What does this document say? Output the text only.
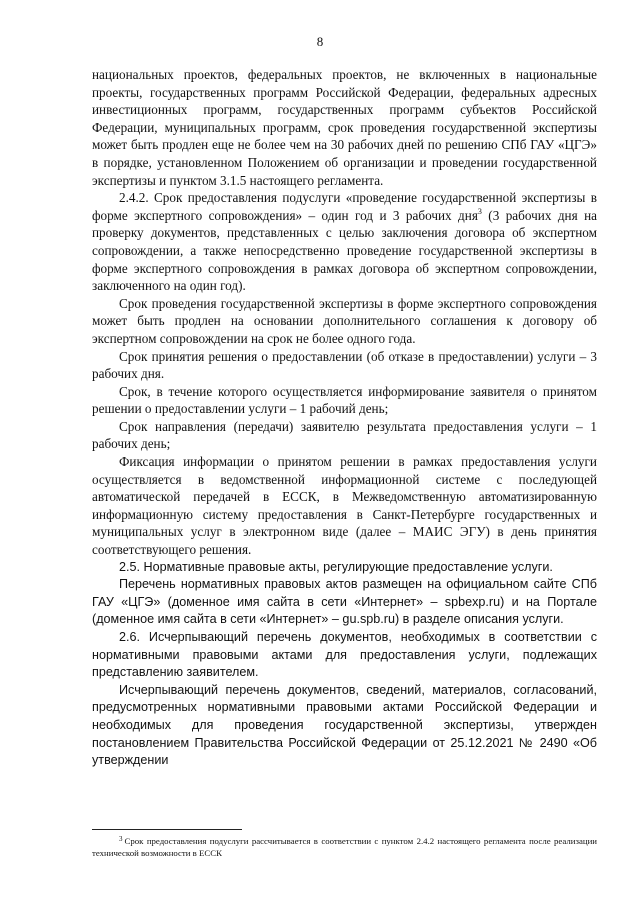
8

национальных проектов, федеральных проектов, не включенных в национальные проекты, государственных программ Российской Федерации, федеральных адресных инвестиционных программ, государственных программ субъектов Российской Федерации, муниципальных программ, срок проведения государственной экспертизы может быть продлен еще не более чем на 30 рабочих дней по решению СПб ГАУ «ЦГЭ» в порядке, установленном Положением об организации и проведении государственной экспертизы и пунктом 3.1.5 настоящего регламента.

2.4.2. Срок предоставления подуслуги «проведение государственной экспертизы в форме экспертного сопровождения» – один год и 3 рабочих дня$^3$ (3 рабочих дня на проверку документов, представленных с целью заключения договора об экспертном сопровождении, а также непосредственно проведение государственной экспертизы в форме экспертного сопровождения в рамках договора об экспертном сопровождении, заключенного на один год).

Срок проведения государственной экспертизы в форме экспертного сопровождения может быть продлен на основании дополнительного соглашения к договору об экспертном сопровождении на срок не более одного года.

Срок принятия решения о предоставлении (об отказе в предоставлении) услуги – 3 рабочих дня.

Срок, в течение которого осуществляется информирование заявителя о принятом решении о предоставлении услуги – 1 рабочий день;

Срок направления (передачи) заявителю результата предоставления услуги – 1 рабочих день;

Фиксация информации о принятом решении в рамках предоставления услуги осуществляется в ведомственной информационной системе с последующей автоматической передачей в ЕССК, в Межведомственную автоматизированную информационную систему предоставления в Санкт-Петербурге государственных и муниципальных услуг в электронном виде (далее – МАИС ЭГУ) в день принятия соответствующего решения.

2.5. Нормативные правовые акты, регулирующие предоставление услуги.

Перечень нормативных правовых актов размещен на официальном сайте СПб ГАУ «ЦГЭ» (доменное имя сайта в сети «Интернет» – spbexp.ru) и на Портале (доменное имя сайта в сети «Интернет» – gu.spb.ru) в разделе описания услуги.

2.6. Исчерпывающий перечень документов, необходимых в соответствии с нормативными правовыми актами для предоставления услуги, подлежащих представлению заявителем.

Исчерпывающий перечень документов, сведений, материалов, согласований, предусмотренных нормативными правовыми актами Российской Федерации и необходимых для проведения государственной экспертизы, утвержден постановлением Правительства Российской Федерации от 25.12.2021 № 2490 «Об утверждении

$^3$ Срок предоставления подуслуги рассчитывается в соответствии с пунктом 2.4.2 настоящего регламента после реализации технической возможности в ЕССК
